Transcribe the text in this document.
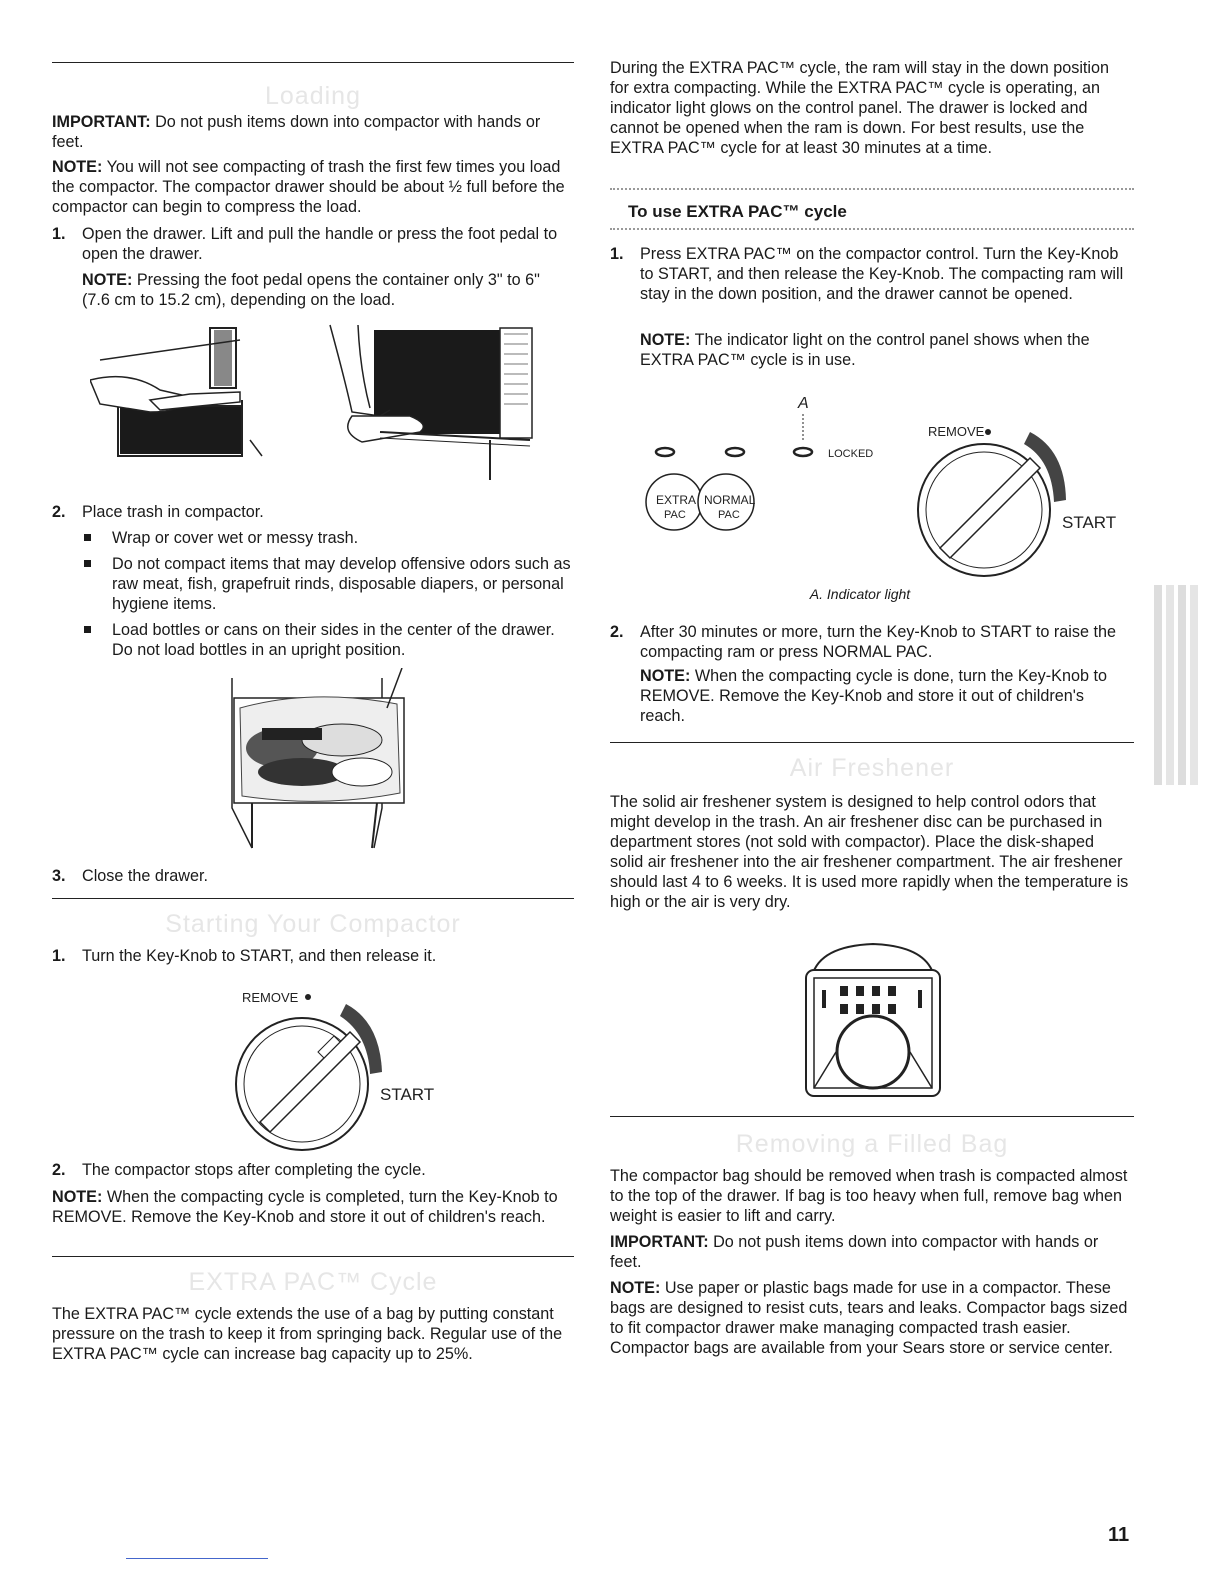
Loading

IMPORTANT: Do not push items down into compactor with hands or feet.

NOTE: You will not see compacting of trash the first few times you load the compactor. The compactor drawer should be about ½ full before the compactor can begin to compress the load.

1. Open the drawer. Lift and pull the handle or press the foot pedal to open the drawer.

NOTE: Pressing the foot pedal opens the container only 3" to 6" (7.6 cm to 15.2 cm), depending on the load.

2. Place trash in compactor.

Wrap or cover wet or messy trash.

Do not compact items that may develop offensive odors such as raw meat, fish, grapefruit rinds, disposable diapers, or personal hygiene items.

Load bottles or cans on their sides in the center of the drawer. Do not load bottles in an upright position.

3. Close the drawer.

Starting Your Compactor
1. Turn the Key-Knob to START, and then release it.

REMOVE
START
2. The compactor stops after completing the cycle.

NOTE: When the compacting cycle is completed, turn the Key-Knob to REMOVE. Remove the Key-Knob and store it out of children's reach.

EXTRA PAC™ Cycle

The EXTRA PAC™ cycle extends the use of a bag by putting constant pressure on the trash to keep it from springing back. Regular use of the EXTRA PAC™ cycle can increase bag capacity up to 25%.

During the EXTRA PAC™ cycle, the ram will stay in the down position for extra compacting. While the EXTRA PAC™ cycle is operating, an indicator light glows on the control panel. The drawer is locked and cannot be opened when the ram is down. For best results, use the EXTRA PAC™ cycle for at least 30 minutes at a time.

To use EXTRA PAC™ cycle
1. Press EXTRA PAC™ on the compactor control. Turn the Key-Knob to START, and then release the Key-Knob. The compacting ram will stay in the down position, and the drawer cannot be opened.

NOTE: The indicator light on the control panel shows when the EXTRA PAC™ cycle is in use.

A
LOCKED
EXTRA
PAC
NORMAL
PAC
REMOVE
START
A. Indicator light
2. After 30 minutes or more, turn the Key-Knob to START to raise the compacting ram or press NORMAL PAC.

NOTE: When the compacting cycle is done, turn the Key-Knob to REMOVE. Remove the Key-Knob and store it out of children's reach.

Air Freshener

The solid air freshener system is designed to help control odors that might develop in the trash. An air freshener disc can be purchased in department stores (not sold with compactor). Place the disk-shaped solid air freshener into the air freshener compartment. The air freshener should last 4 to 6 weeks. It is used more rapidly when the temperature is high or the air is very dry.

Removing a Filled Bag

The compactor bag should be removed when trash is compacted almost to the top of the drawer. If bag is too heavy when full, remove bag when weight is easier to lift and carry.

IMPORTANT: Do not push items down into compactor with hands or feet.

NOTE: Use paper or plastic bags made for use in a compactor. These bags are designed to resist cuts, tears and leaks. Compactor bags sized to fit compactor drawer make managing compacted trash easier. Compactor bags are available from your Sears store or service center.

11
